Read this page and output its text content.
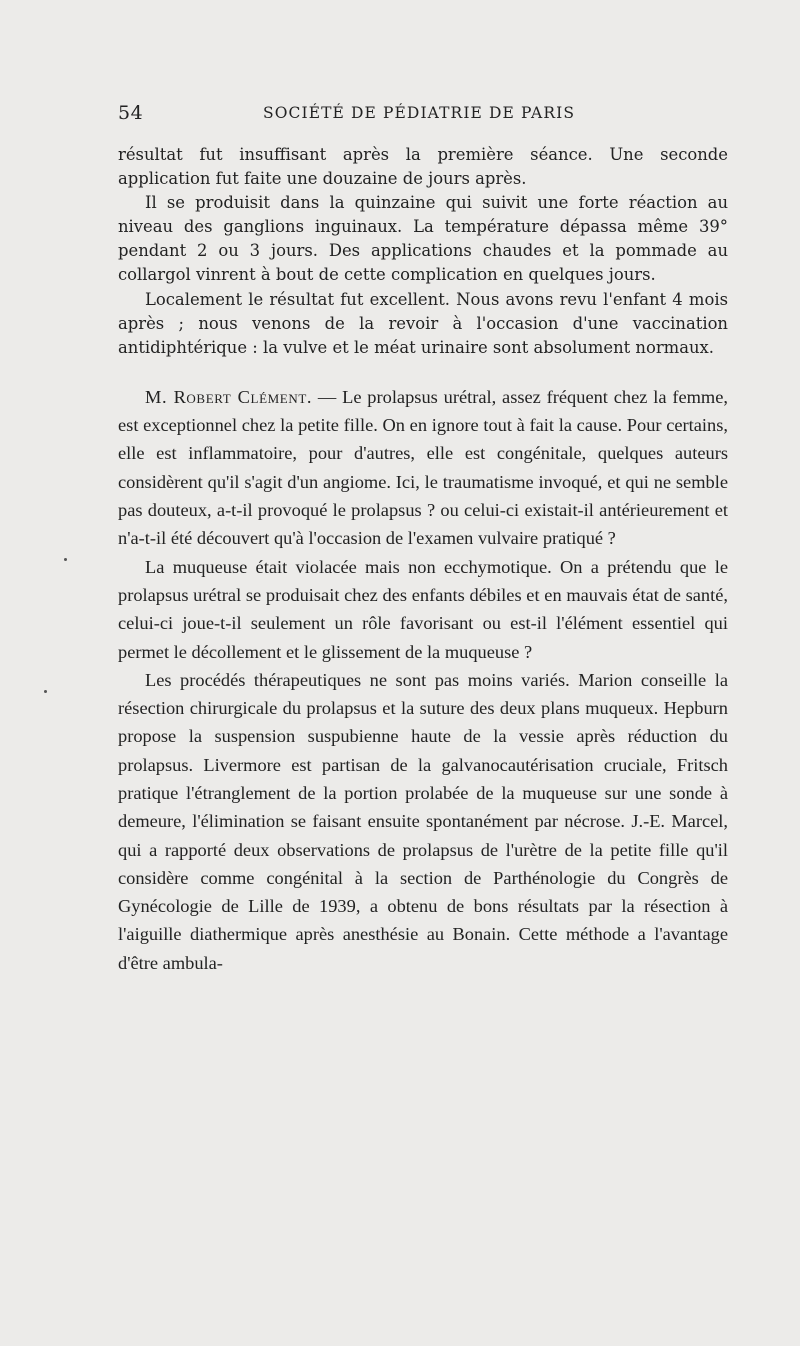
54	SOCIÉTÉ DE PÉDIATRIE DE PARIS

résultat fut insuffisant après la première séance. Une seconde application fut faite une douzaine de jours après.

Il se produisit dans la quinzaine qui suivit une forte réaction au niveau des ganglions inguinaux. La température dépassa même 39° pendant 2 ou 3 jours. Des applications chaudes et la pommade au collargol vinrent à bout de cette complication en quelques jours.

Localement le résultat fut excellent. Nous avons revu l'enfant 4 mois après ; nous venons de la revoir à l'occasion d'une vaccination antidiphtérique : la vulve et le méat urinaire sont absolument normaux.

M. Robert Clément. — Le prolapsus urétral, assez fréquent chez la femme, est exceptionnel chez la petite fille. On en ignore tout à fait la cause. Pour certains, elle est inflammatoire, pour d'autres, elle est congénitale, quelques auteurs considèrent qu'il s'agit d'un angiome. Ici, le traumatisme invoqué, et qui ne semble pas douteux, a-t-il provoqué le prolapsus ? ou celui-ci existait-il antérieurement et n'a-t-il été découvert qu'à l'occasion de l'examen vulvaire pratiqué ?

La muqueuse était violacée mais non ecchymotique. On a prétendu que le prolapsus urétral se produisait chez des enfants débiles et en mauvais état de santé, celui-ci joue-t-il seulement un rôle favorisant ou est-il l'élément essentiel qui permet le décollement et le glissement de la muqueuse ?

Les procédés thérapeutiques ne sont pas moins variés. Marion conseille la résection chirurgicale du prolapsus et la suture des deux plans muqueux. Hepburn propose la suspension suspubienne haute de la vessie après réduction du prolapsus. Livermore est partisan de la galvanocautérisation cruciale, Fritsch pratique l'étranglement de la portion prolabée de la muqueuse sur une sonde à demeure, l'élimination se faisant ensuite spontanément par nécrose. J.-E. Marcel, qui a rapporté deux observations de prolapsus de l'urètre de la petite fille qu'il considère comme congénital à la section de Parthénologie du Congrès de Gynécologie de Lille de 1939, a obtenu de bons résultats par la résection à l'aiguille diathermique après anesthésie au Bonain. Cette méthode a l'avantage d'être ambula-
